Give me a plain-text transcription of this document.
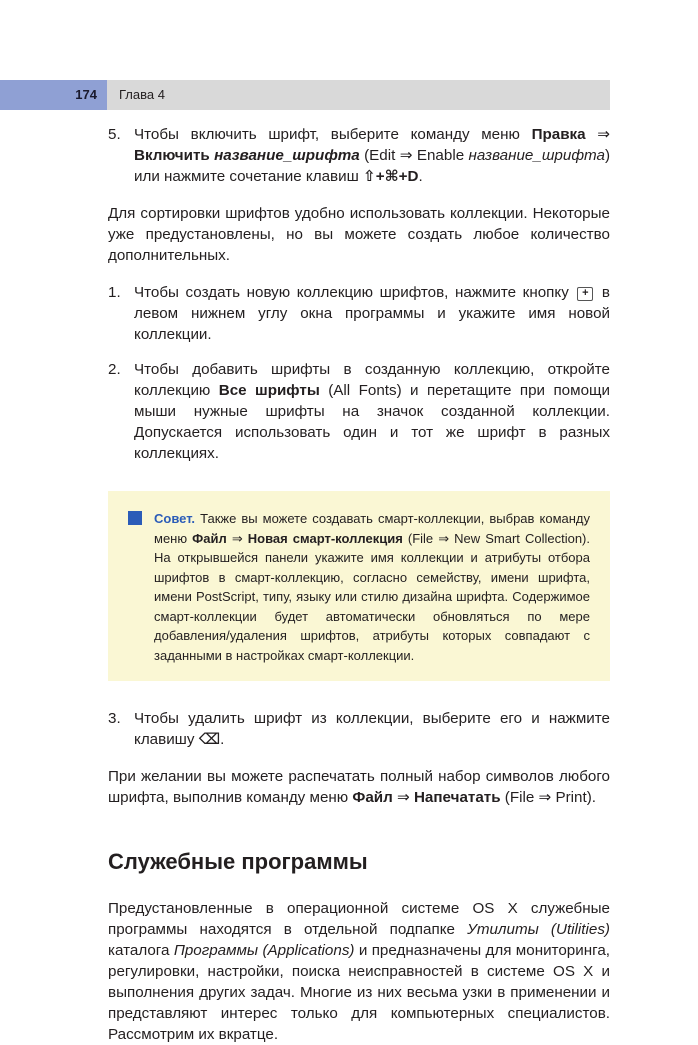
174 Глава 4
5. Чтобы включить шрифт, выберите команду меню Правка ⇒ Включить название_шрифта (Edit ⇒ Enable название_шрифта) или нажмите сочетание клавиш ⇧+⌘+D.

Для сортировки шрифтов удобно использовать коллекции. Некоторые уже предустановлены, но вы можете создать любое количество дополнительных.

1. Чтобы создать новую коллекцию шрифтов, нажмите кнопку + в левом нижнем углу окна программы и укажите имя новой коллекции.
2. Чтобы добавить шрифты в созданную коллекцию, откройте коллекцию Все шрифты (All Fonts) и перетащите при помощи мыши нужные шрифты на значок созданной коллекции. Допускается использовать один и тот же шрифт в разных коллекциях.
Совет. Также вы можете создавать смарт-коллекции, выбрав команду меню Файл ⇒ Новая смарт-коллекция (File ⇒ New Smart Collection). На открывшейся панели укажите имя коллекции и атрибуты отбора шрифтов в смарт-коллекцию, согласно семейству, имени шрифта, имени PostScript, типу, языку или стилю дизайна шрифта. Содержимое смарт-коллекции будет автоматически обновляться по мере добавления/удаления шрифтов, атрибуты которых совпадают с заданными в настройках смарт-коллекции.
3. Чтобы удалить шрифт из коллекции, выберите его и нажмите клавишу ⌫.

При желании вы можете распечатать полный набор символов любого шрифта, выполнив команду меню Файл ⇒ Напечатать (File ⇒ Print).

Служебные программы

Предустановленные в операционной системе OS X служебные программы находятся в отдельной подпапке Утилиты (Utilities) каталога Программы (Applications) и предназначены для мониторинга, регулировки, настройки, поиска неисправностей в системе OS X и выполнения других задач. Многие из них весьма узки в применении и представляют интерес только для компьютерных специалистов. Рассмотрим их вкратце.
